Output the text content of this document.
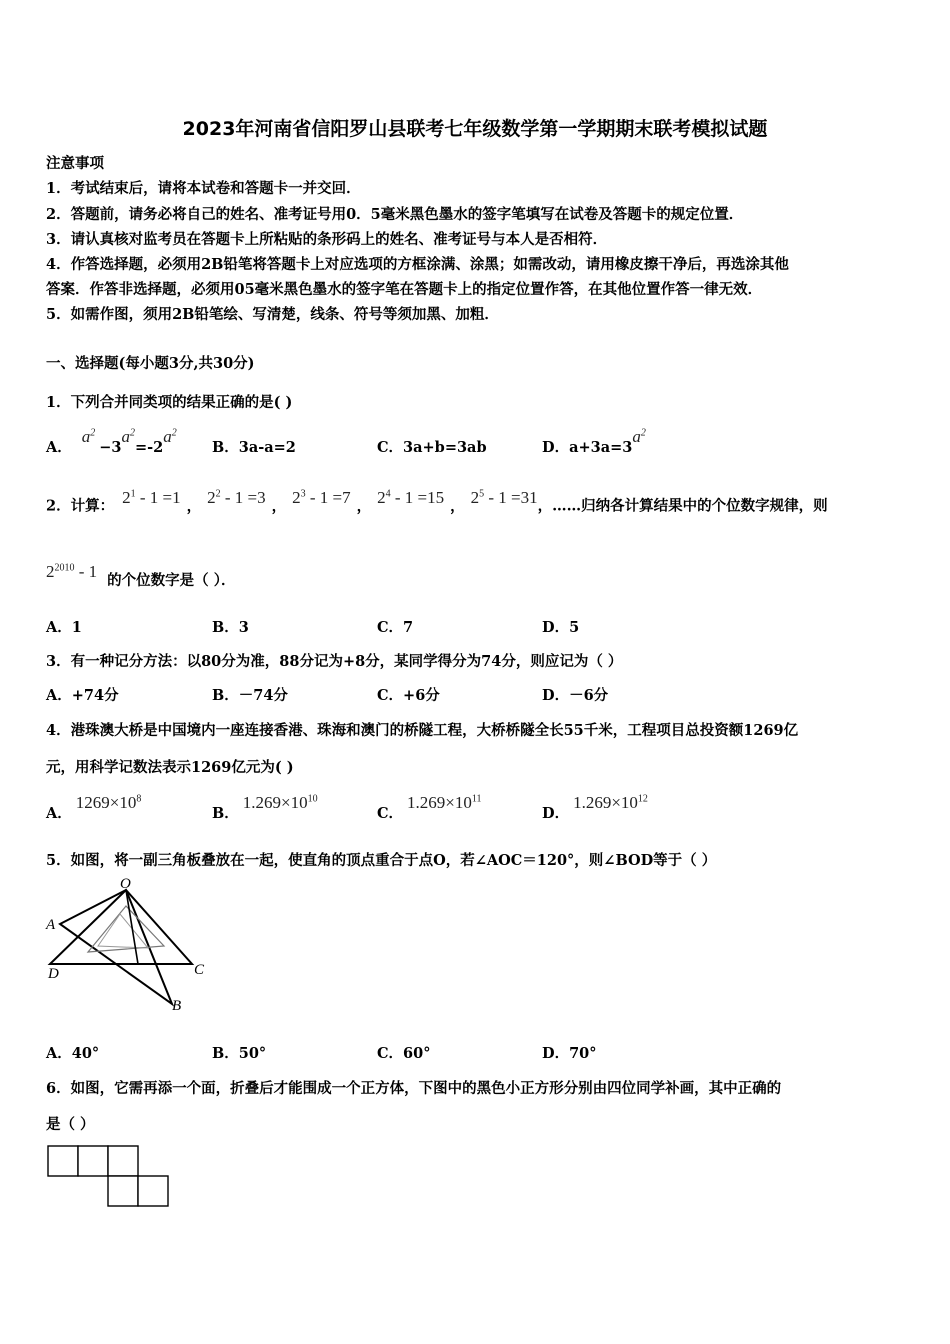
2023年河南省信阳罗山县联考七年级数学第一学期期末联考模拟试题
注意事项
1．考试结束后，请将本试卷和答题卡一并交回．
2．答题前，请务必将自己的姓名、准考证号用0．5毫米黑色墨水的签字笔填写在试卷及答题卡的规定位置．
3．请认真核对监考员在答题卡上所粘贴的条形码上的姓名、准考证号与本人是否相符．
4．作答选择题，必须用2B铅笔将答题卡上对应选项的方框涂满、涂黑；如需改动，请用橡皮擦干净后，再选涂其他
答案．作答非选择题，必须用05毫米黑色墨水的签字笔在答题卡上的指定位置作答，在其他位置作答一律无效．
5．如需作图，须用2B铅笔绘、写清楚，线条、符号等须加黑、加粗．
一、选择题(每小题3分,共30分)
1．下列合并同类项的结果正确的是( )
A．$a^2-3a^2=-2a^2$
B．3a-a=2	C．3a+b=3ab	D．$a+3a=3a^2$
2．计算： $2^1 - 1 =1$ ， $2^2 - 1 =3$ ， $2^3 - 1 =7$ ， $2^4 - 1 =15$ ， $2^5 - 1 =31$，……归纳各计算结果中的个位数字规律，则
$2^{2010} - 1$ 的个位数字是（ ）．
A．1	B．3	C．7	D．5
3．有一种记分方法：以80分为准，88分记为+8分，某同学得分为74分，则应记为（ ）
A．+74分	B．－74分	C．+6分	D．－6分
4．港珠澳大桥是中国境内一座连接香港、珠海和澳门的桥隧工程，大桥桥隧全长55千米，工程项目总投资额1269亿
元，用科学记数法表示1269亿元为( )
A．$1269\times 10^8$
B．$1.269\times 10^{10}$
C．$1.269\times 10^{11}$
D．$1.269\times 10^{12}$
5．如图，将一副三角板叠放在一起，使直角的顶点重合于点O，若∠AOC＝120°，则∠BOD等于（ ）
O
A
D	C
B
A．40°	B．50°	C．60°	D．70°
6．如图，它需再添一个面，折叠后才能围成一个正方体，下图中的黑色小正方形分别由四位同学补画，其中正确的
是（ ）
